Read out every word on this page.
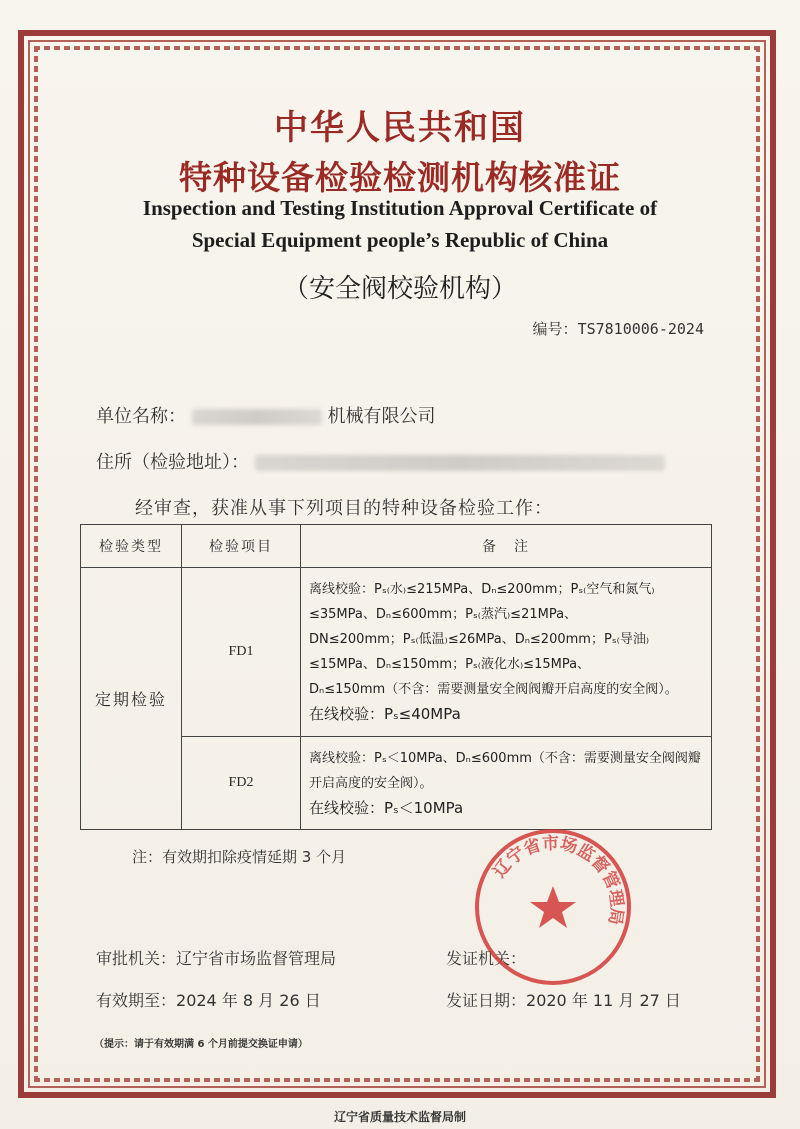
中华人民共和国
特种设备检验检测机构核准证
Inspection and Testing Institution Approval Certificate of
Special Equipment people’s Republic of China
（安全阀校验机构）
编号：TS7810006-2024
单位名称：	机械有限公司
住所（检验地址）：
经审查，获准从事下列项目的特种设备检验工作：
检验类型	检验项目	备　注
定期检验	FD1	离线校验：Pₛ₍水₎≤215MPa、Dₙ≤200mm；Pₛ₍空气和氮气₎≤35MPa、Dₙ≤600mm；Pₛ₍蒸汽₎≤21MPa、
DN≤200mm；Pₛ₍低温₎≤26MPa、Dₙ≤200mm；Pₛ₍导油₎≤15MPa、Dₙ≤150mm；Pₛ₍液化水₎≤15MPa、
Dₙ≤150mm（不含：需要测量安全阀阀瓣开启高度的安全阀）。
在线校验：Pₛ≤40MPa

	FD2	离线校验：Pₛ＜10MPa、Dₙ≤600mm（不含：需要测量安全阀阀瓣开启高度的安全阀）。
在线校验：Pₛ＜10MPa
注：有效期扣除疫情延期 3 个月
审批机关：辽宁省市场监督管理局	发证机关：
有效期至：2024 年 8 月 26 日	发证日期：2020 年 11 月 27 日
（提示：请于有效期满 6 个月前提交换证申请）
辽宁省市场监督管理局
辽宁省质量技术监督局制
